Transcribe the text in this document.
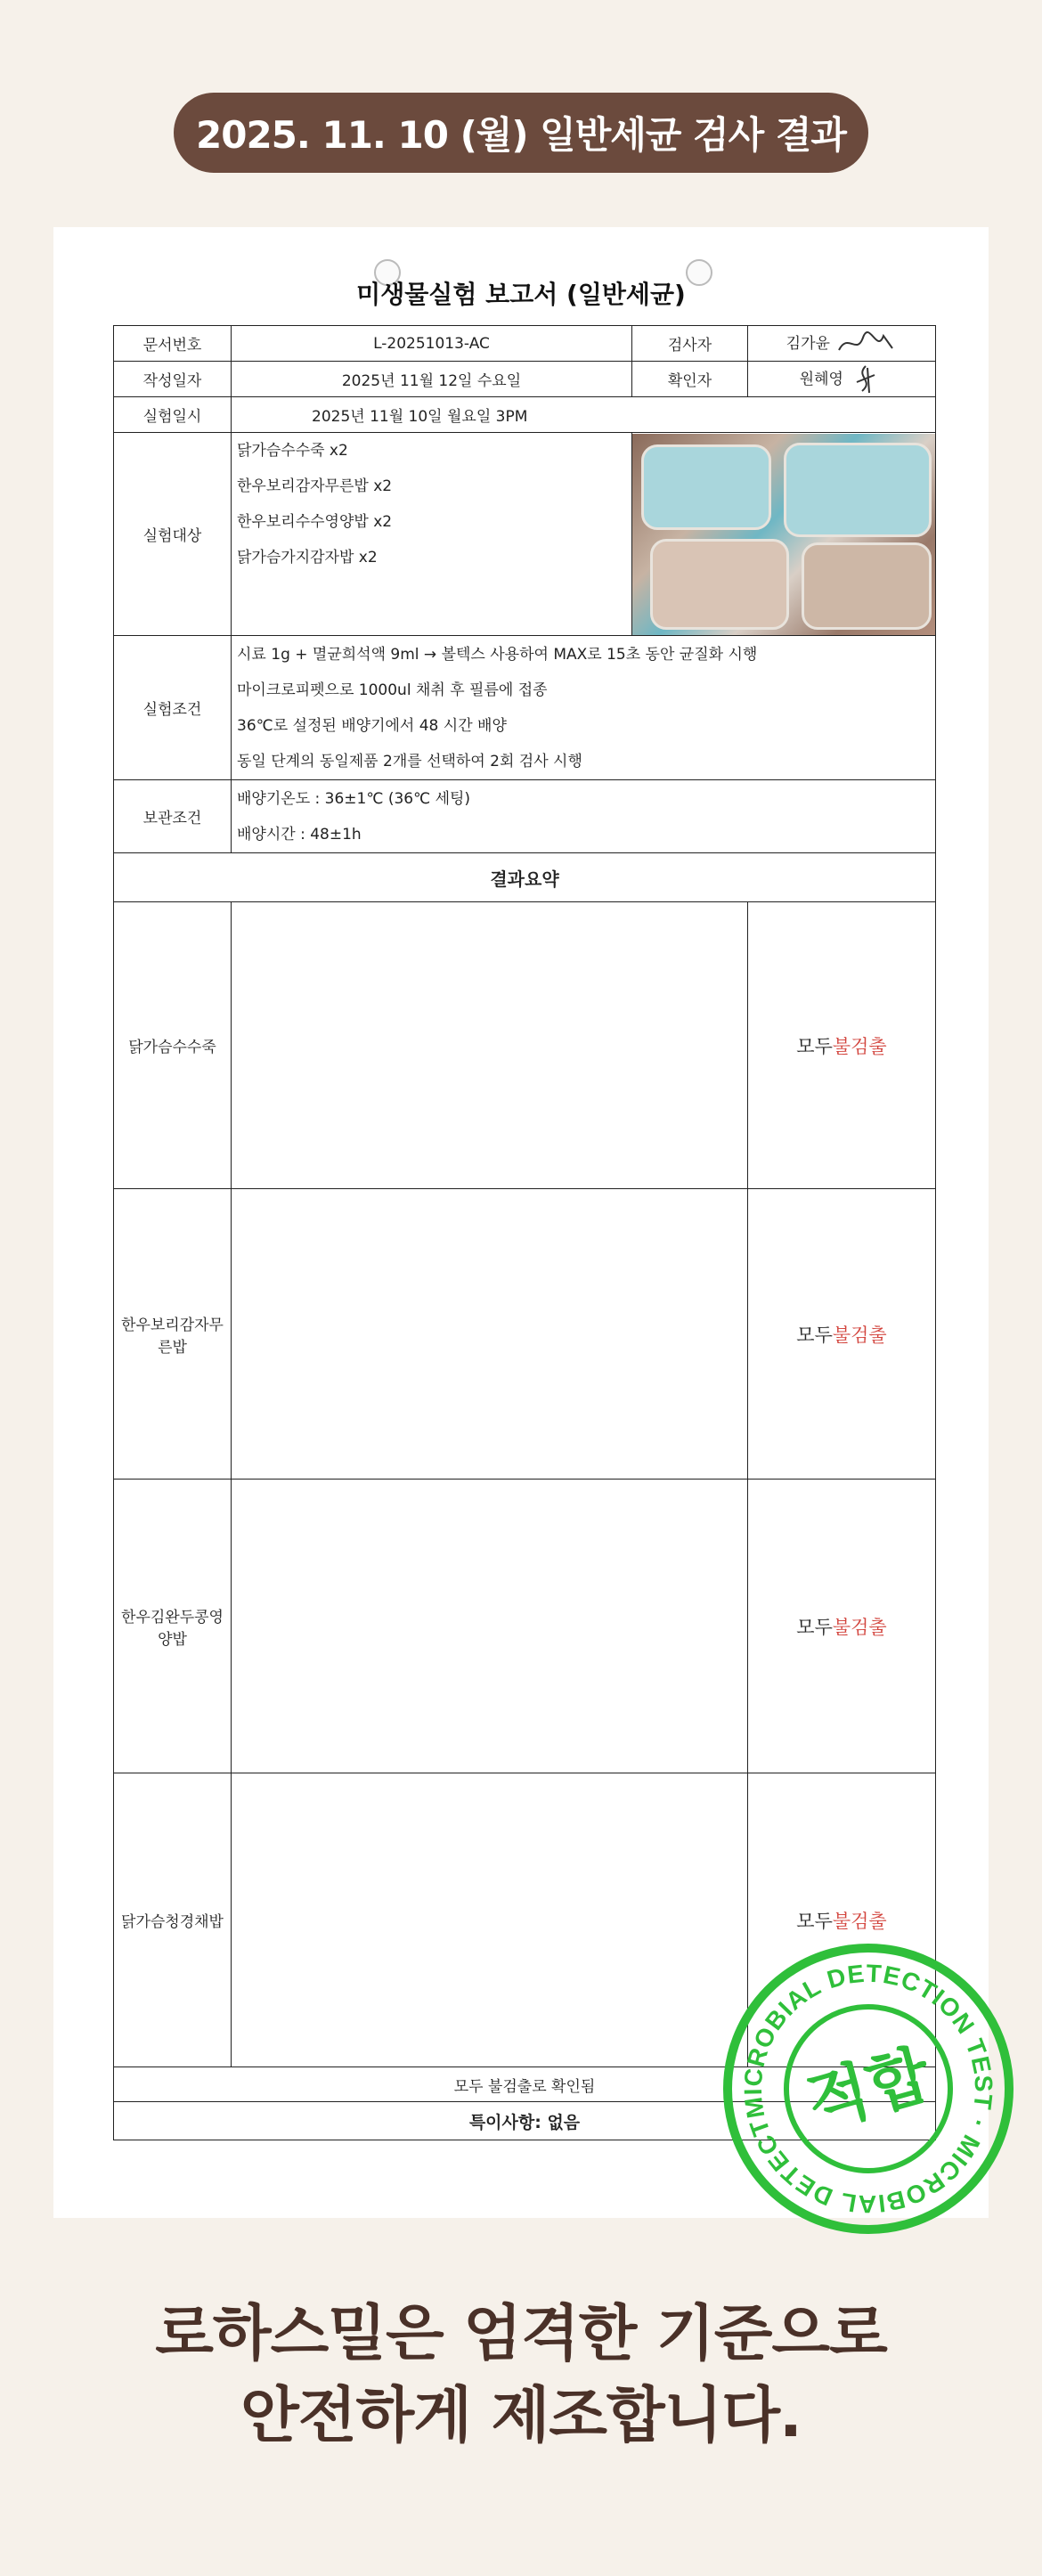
2025. 11. 10 (월) 일반세균 검사 결과
미생물실험 보고서 (일반세균)
문서번호	L-20251013-AC	검사자	김가윤
작성일자	2025년 11월 12일 수요일	확인자	원혜영
실험일시	2025년 11월 10일 월요일 3PM		
실험대상	닭가슴수수죽 x2
한우보리감자무른밥 x2
한우보리수수영양밥 x2
닭가슴가지감자밥 x2		

실험조건	시료 1g + 멸균희석액 9ml → 볼텍스 사용하여 MAX로 15초 동안 균질화 시행
마이크로피펫으로 1000ul 채취 후 필름에 접종
36℃로 설정된 배양기에서 48 시간 배양
동일 단계의 동일제품 2개를 선택하여 2회 검사 시행		

보관조건	배양기온도 : 36±1℃ (36℃ 세팅)
배양시간 : 48±1h		

결과요약			
닭가슴수수죽			모두불검출
한우보리감자무른밥			모두불검출
한우김완두콩영양밥			모두불검출
닭가슴청경채밥			모두불검출
모두 불검출로 확인됨			
특이사항: 없음			
MICROBIAL DETECTION TEST · MICROBIAL DETECTION
적합
로하스밀은 엄격한 기준으로
안전하게 제조합니다.
